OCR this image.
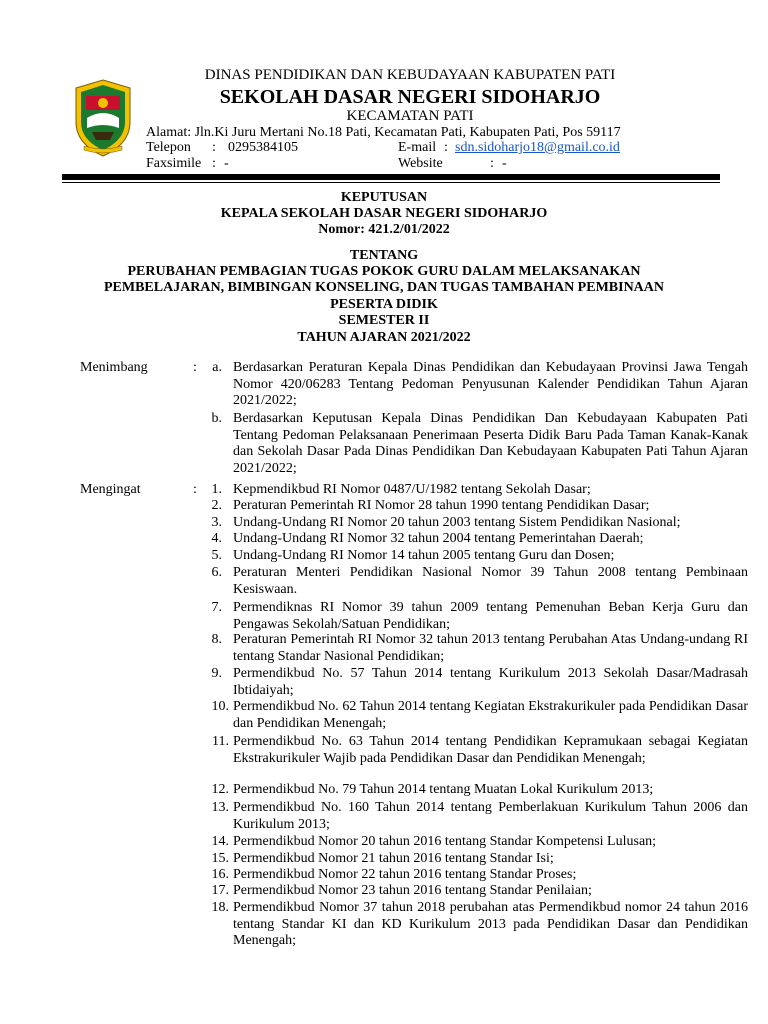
DINAS PENDIDIKAN DAN KEBUDAYAAN KABUPATEN PATI
SEKOLAH DASAR NEGERI SIDOHARJO
KECAMATAN PATI
Alamat: Jln.Ki Juru Mertani No.18 Pati, Kecamatan Pati, Kabupaten Pati, Pos 59117
Telepon : 0295384105
Faxsimile : -
E-mail : sdn.sidoharjo18@gmail.co.id
Website	: -
KEPUTUSAN
KEPALA SEKOLAH DASAR NEGERI SIDOHARJO
Nomor: 421.2/01/2022
TENTANG
PERUBAHAN PEMBAGIAN TUGAS POKOK GURU DALAM MELAKSANAKAN
PEMBELAJARAN, BIMBINGAN KONSELING, DAN TUGAS TAMBAHAN PEMBINAAN
PESERTA DIDIK
SEMESTER II
TAHUN AJARAN 2021/2022
Menimbang	:	a. Berdasarkan Peraturan Kepala Dinas Pendidikan dan Kebudayaan Provinsi Jawa Tengah Nomor 420/06283 Tentang Pedoman Penyusunan Kalender Pendidikan Tahun Ajaran 2021/2022;
b. Berdasarkan Keputusan Kepala Dinas Pendidikan Dan Kebudayaan Kabupaten Pati Tentang Pedoman Pelaksanaan Penerimaan Peserta Didik Baru Pada Taman Kanak-Kanak dan Sekolah Dasar Pada Dinas Pendidikan Dan Kebudayaan Kabupaten Pati Tahun Ajaran 2021/2022;
Mengingat	:	1. Kepmendikbud RI Nomor 0487/U/1982 tentang Sekolah Dasar;
2. Peraturan Pemerintah RI Nomor 28 tahun 1990 tentang Pendidikan Dasar;
3. Undang-Undang RI Nomor 20 tahun 2003 tentang Sistem Pendidikan Nasional;
4. Undang-Undang RI Nomor 32 tahun 2004 tentang Pemerintahan Daerah;
5. Undang-Undang RI Nomor 14 tahun 2005 tentang Guru dan Dosen;
6. Peraturan Menteri Pendidikan Nasional Nomor 39 Tahun 2008 tentang Pembinaan Kesiswaan.
7. Permendiknas RI Nomor 39 tahun 2009 tentang Pemenuhan Beban Kerja Guru dan Pengawas Sekolah/Satuan Pendidikan;
8. Peraturan Pemerintah RI Nomor 32 tahun 2013 tentang Perubahan Atas Undang-undang RI tentang Standar Nasional Pendidikan;
9. Permendikbud No. 57 Tahun 2014 tentang Kurikulum 2013 Sekolah Dasar/Madrasah Ibtidaiyah;
10. Permendikbud No. 62 Tahun 2014 tentang Kegiatan Ekstrakurikuler pada Pendidikan Dasar dan Pendidikan Menengah;
11. Permendikbud No. 63 Tahun 2014 tentang Pendidikan Kepramukaan sebagai Kegiatan Ekstrakurikuler Wajib pada Pendidikan Dasar dan Pendidikan Menengah;
12. Permendikbud No. 79 Tahun 2014 tentang Muatan Lokal Kurikulum 2013;
13. Permendikbud No. 160 Tahun 2014 tentang Pemberlakuan Kurikulum Tahun 2006 dan Kurikulum 2013;
14. Permendikbud Nomor 20 tahun 2016 tentang Standar Kompetensi Lulusan;
15. Permendikbud Nomor 21 tahun 2016 tentang Standar Isi;
16. Permendikbud Nomor 22 tahun 2016 tentang Standar Proses;
17. Permendikbud Nomor 23 tahun 2016 tentang Standar Penilaian;
18. Permendikbud Nomor 37 tahun 2018 perubahan atas Permendikbud nomor 24 tahun 2016 tentang Standar KI dan KD Kurikulum 2013 pada Pendidikan Dasar dan Pendidikan Menengah;
